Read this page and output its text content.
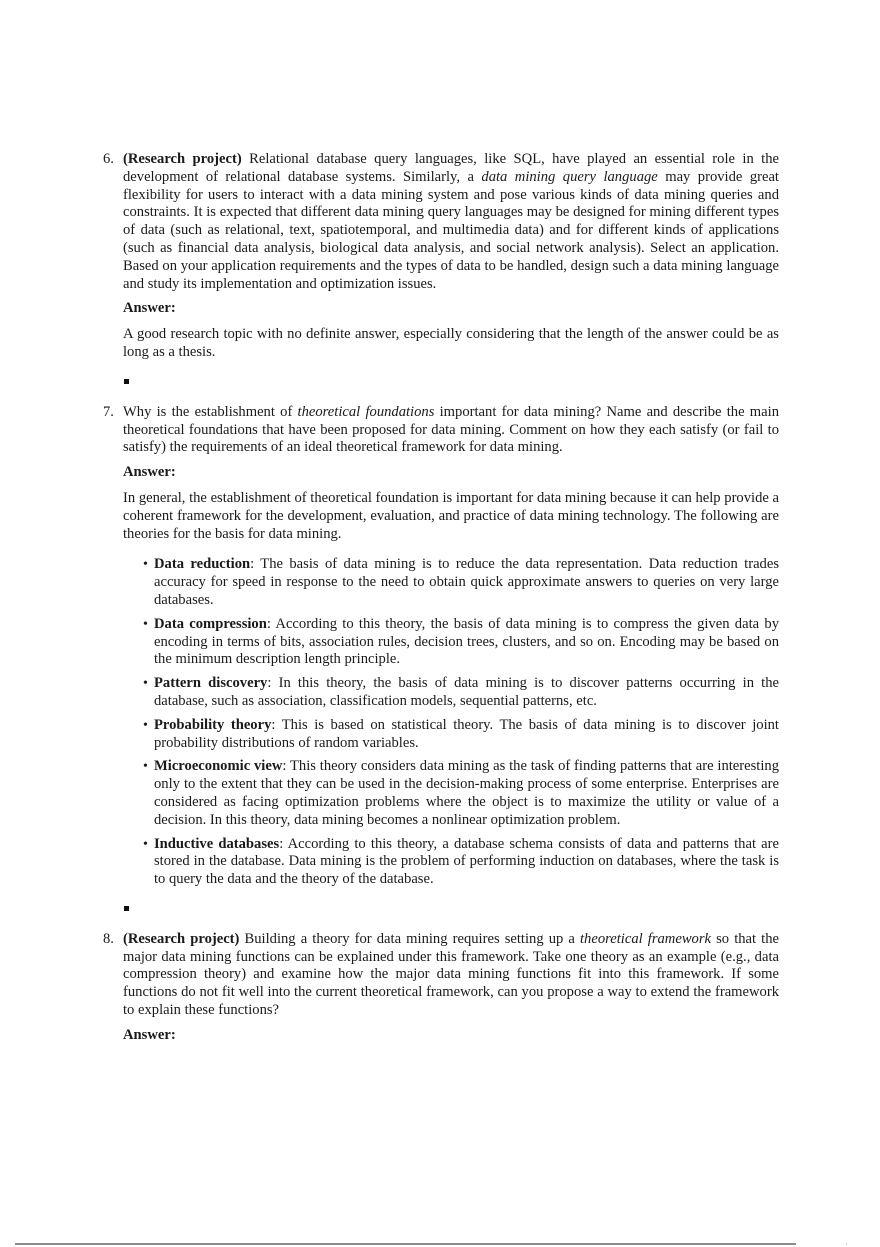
6. (Research project) Relational database query languages, like SQL, have played an essential role in the development of relational database systems. Similarly, a data mining query language may provide great flexibility for users to interact with a data mining system and pose various kinds of data mining queries and constraints. It is expected that different data mining query languages may be designed for mining different types of data (such as relational, text, spatiotemporal, and multimedia data) and for different kinds of applications (such as financial data analysis, biological data analysis, and social network analysis). Select an application. Based on your application requirements and the types of data to be handled, design such a data mining language and study its implementation and optimization issues.

Answer:

A good research topic with no definite answer, especially considering that the length of the answer could be as long as a thesis.

7. Why is the establishment of theoretical foundations important for data mining? Name and describe the main theoretical foundations that have been proposed for data mining. Comment on how they each satisfy (or fail to satisfy) the requirements of an ideal theoretical framework for data mining.

Answer:

In general, the establishment of theoretical foundation is important for data mining because it can help provide a coherent framework for the development, evaluation, and practice of data mining technology. The following are theories for the basis for data mining.

• Data reduction: The basis of data mining is to reduce the data representation. Data reduction trades accuracy for speed in response to the need to obtain quick approximate answers to queries on very large databases.
• Data compression: According to this theory, the basis of data mining is to compress the given data by encoding in terms of bits, association rules, decision trees, clusters, and so on. Encoding may be based on the minimum description length principle.
• Pattern discovery: In this theory, the basis of data mining is to discover patterns occurring in the database, such as association, classification models, sequential patterns, etc.
• Probability theory: This is based on statistical theory. The basis of data mining is to discover joint probability distributions of random variables.
• Microeconomic view: This theory considers data mining as the task of finding patterns that are interesting only to the extent that they can be used in the decision-making process of some enterprise. Enterprises are considered as facing optimization problems where the object is to maximize the utility or value of a decision. In this theory, data mining becomes a nonlinear optimization problem.
• Inductive databases: According to this theory, a database schema consists of data and patterns that are stored in the database. Data mining is the problem of performing induction on databases, where the task is to query the data and the theory of the database.

8. (Research project) Building a theory for data mining requires setting up a theoretical framework so that the major data mining functions can be explained under this framework. Take one theory as an example (e.g., data compression theory) and examine how the major data mining functions fit into this framework. If some functions do not fit well into the current theoretical framework, can you propose a way to extend the framework to explain these functions?

Answer:
